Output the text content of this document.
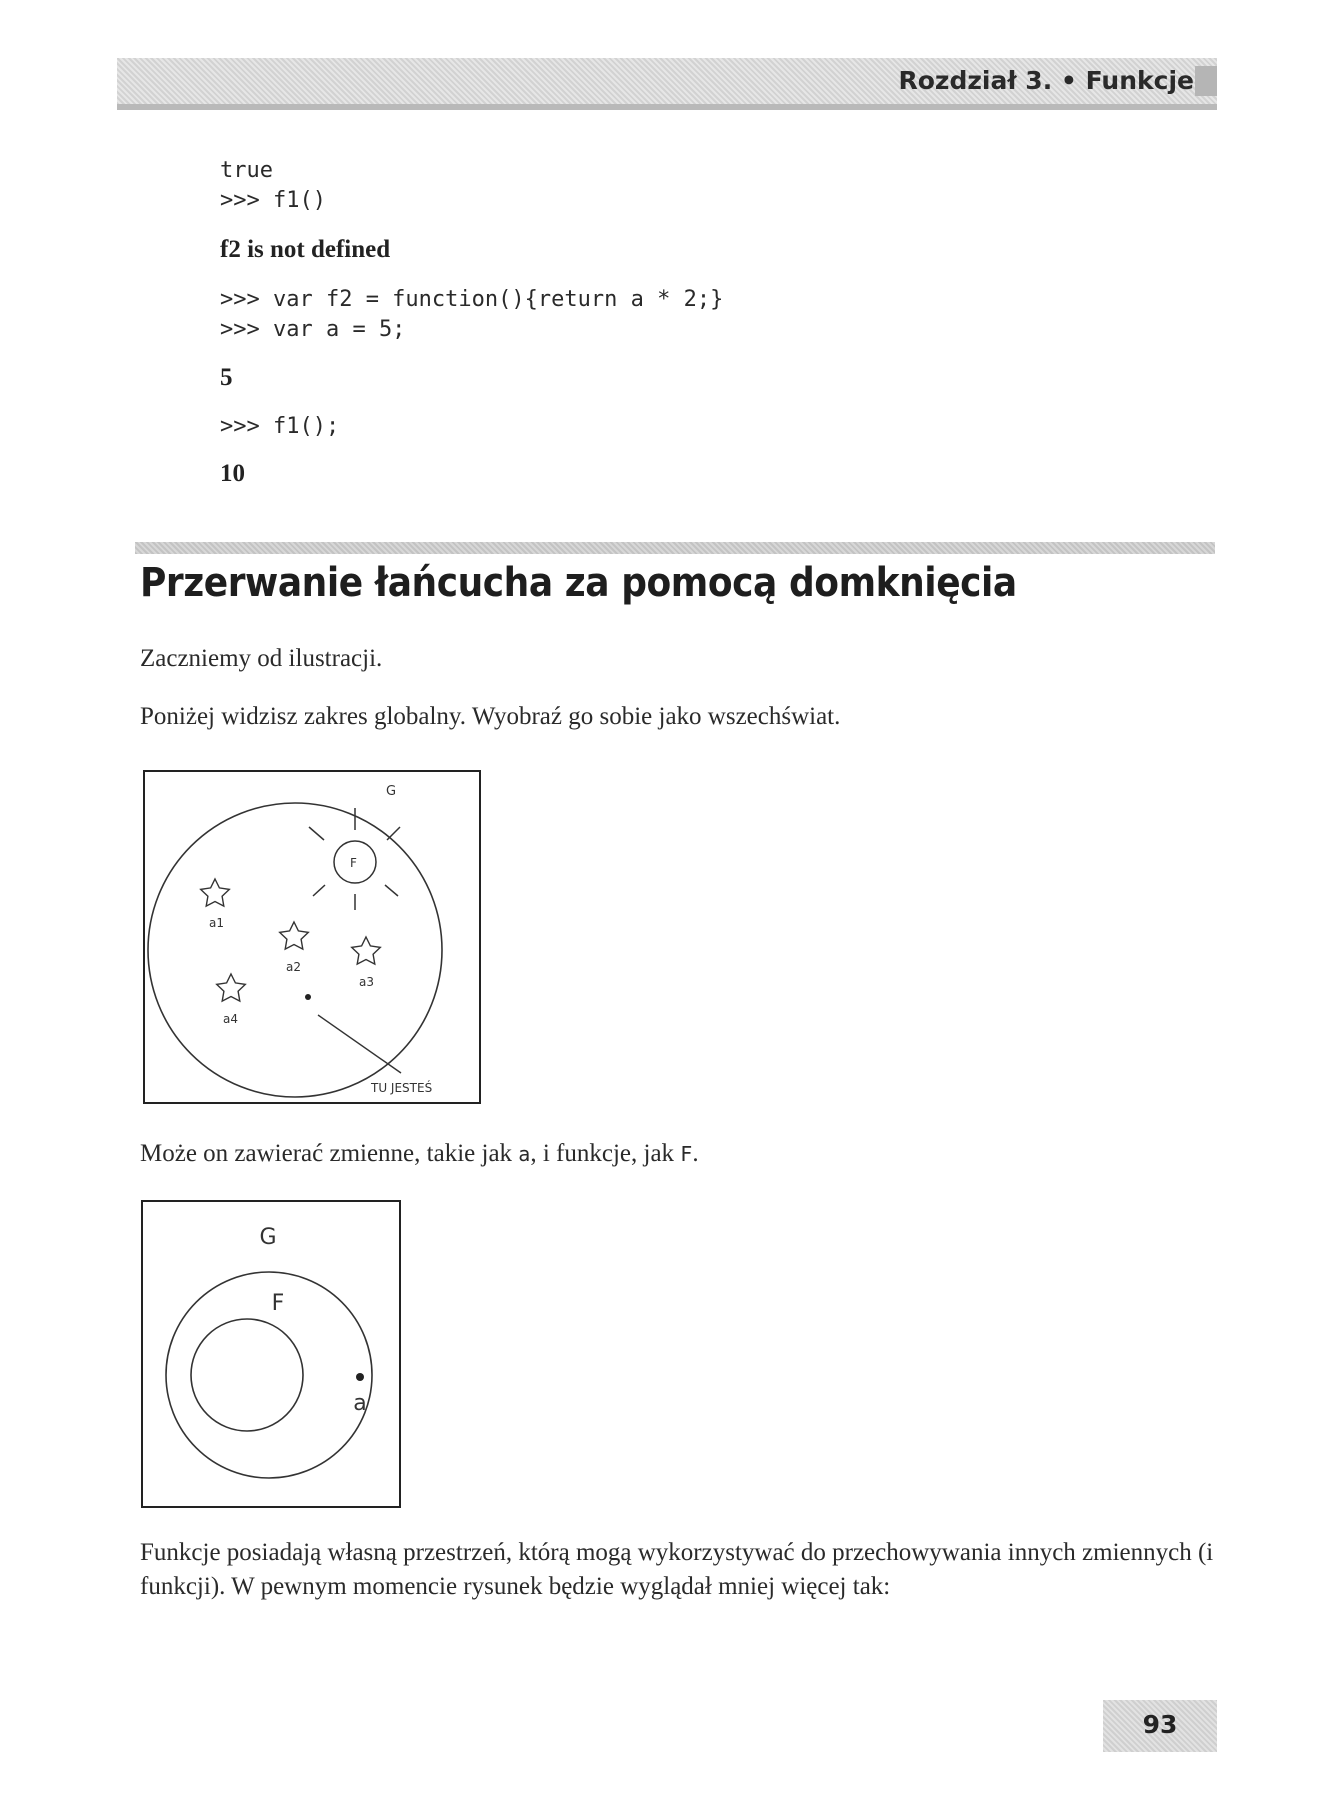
Rozdział 3. • Funkcje
true
>>> f1()
f2 is not defined
>>> var f2 = function(){return a * 2;}
>>> var a = 5;
5
>>> f1();
10
Przerwanie łańcucha za pomocą domknięcia

Zaczniemy od ilustracji.

Poniżej widzisz zakres globalny. Wyobraź go sobie jako wszechświat.

G
F
a1
a2
a3
a4
TU JESTEŚ

Może on zawierać zmienne, takie jak a, i funkcje, jak F.

G
F
a

Funkcje posiadają własną przestrzeń, którą mogą wykorzystywać do przechowywania innych zmiennych (i funkcji). W pewnym momencie rysunek będzie wyglądał mniej więcej tak:

93
